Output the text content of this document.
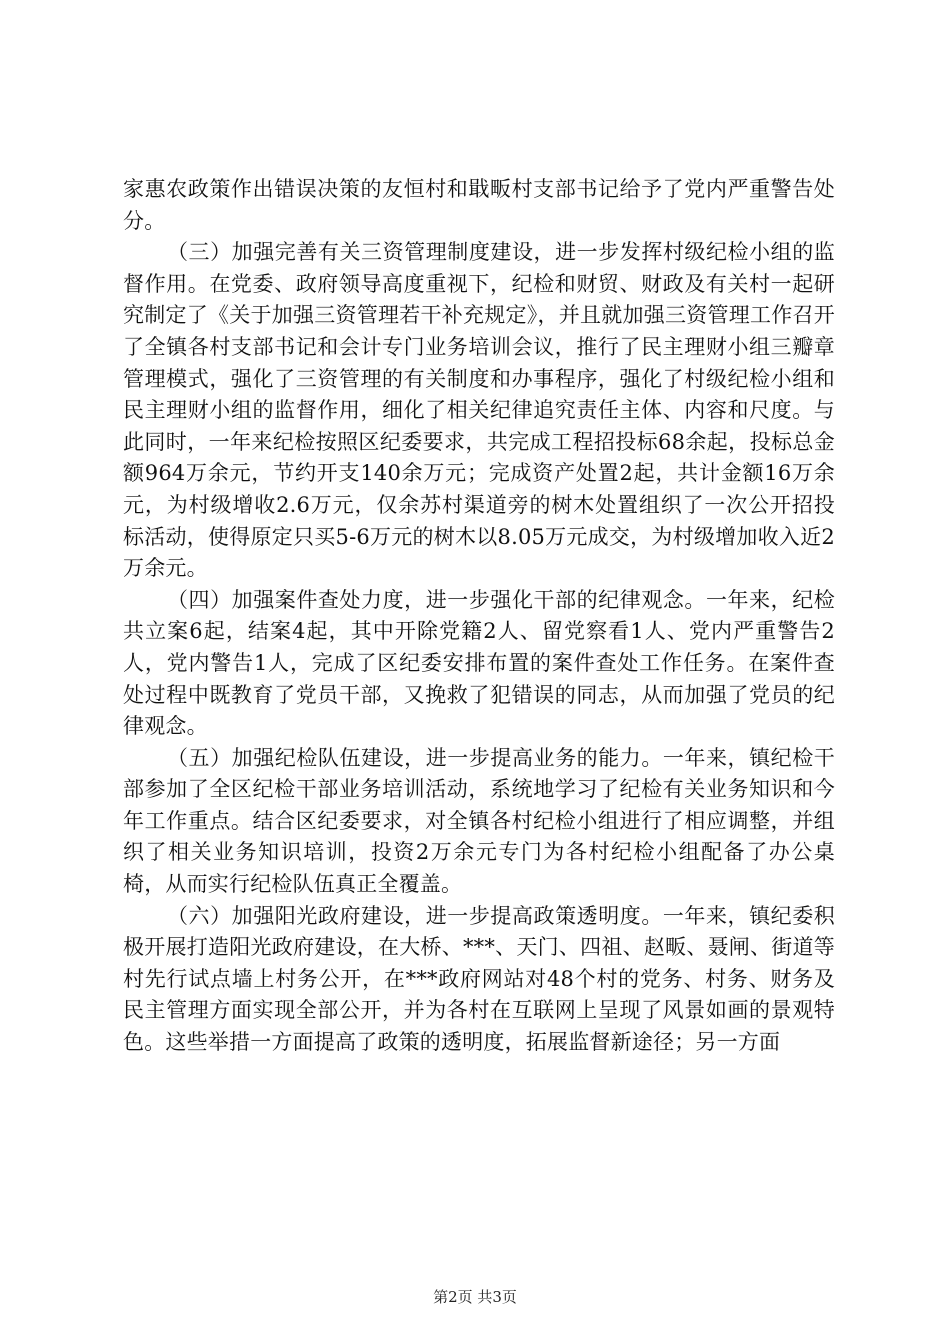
家惠农政策作出错误决策的友恒村和戢畈村支部书记给予了党内严重警告处分。

（三）加强完善有关三资管理制度建设，进一步发挥村级纪检小组的监督作用。在党委、政府领导高度重视下，纪检和财贸、财政及有关村一起研究制定了《关于加强三资管理若干补充规定》，并且就加强三资管理工作召开了全镇各村支部书记和会计专门业务培训会议，推行了民主理财小组三瓣章管理模式，强化了三资管理的有关制度和办事程序，强化了村级纪检小组和民主理财小组的监督作用，细化了相关纪律追究责任主体、内容和尺度。与此同时，一年来纪检按照区纪委要求，共完成工程招投标68余起，投标总金额964万余元，节约开支140余万元；完成资产处置2起，共计金额16万余元，为村级增收2.6万元，仅余苏村渠道旁的树木处置组织了一次公开招投标活动，使得原定只买5-6万元的树木以8.05万元成交，为村级增加收入近2万余元。

（四）加强案件查处力度，进一步强化干部的纪律观念。一年来，纪检共立案6起，结案4起，其中开除党籍2人、留党察看1人、党内严重警告2人，党内警告1人，完成了区纪委安排布置的案件查处工作任务。在案件查处过程中既教育了党员干部，又挽救了犯错误的同志，从而加强了党员的纪律观念。

（五）加强纪检队伍建设，进一步提高业务的能力。一年来，镇纪检干部参加了全区纪检干部业务培训活动，系统地学习了纪检有关业务知识和今年工作重点。结合区纪委要求，对全镇各村纪检小组进行了相应调整，并组织了相关业务知识培训，投资2万余元专门为各村纪检小组配备了办公桌椅，从而实行纪检队伍真正全覆盖。

（六）加强阳光政府建设，进一步提高政策透明度。一年来，镇纪委积极开展打造阳光政府建设，在大桥、***、天门、四祖、赵畈、聂闸、街道等村先行试点墙上村务公开，在***政府网站对48个村的党务、村务、财务及民主管理方面实现全部公开，并为各村在互联网上呈现了风景如画的景观特色。这些举措一方面提高了政策的透明度，拓展监督新途径；另一方面

第2页 共3页
